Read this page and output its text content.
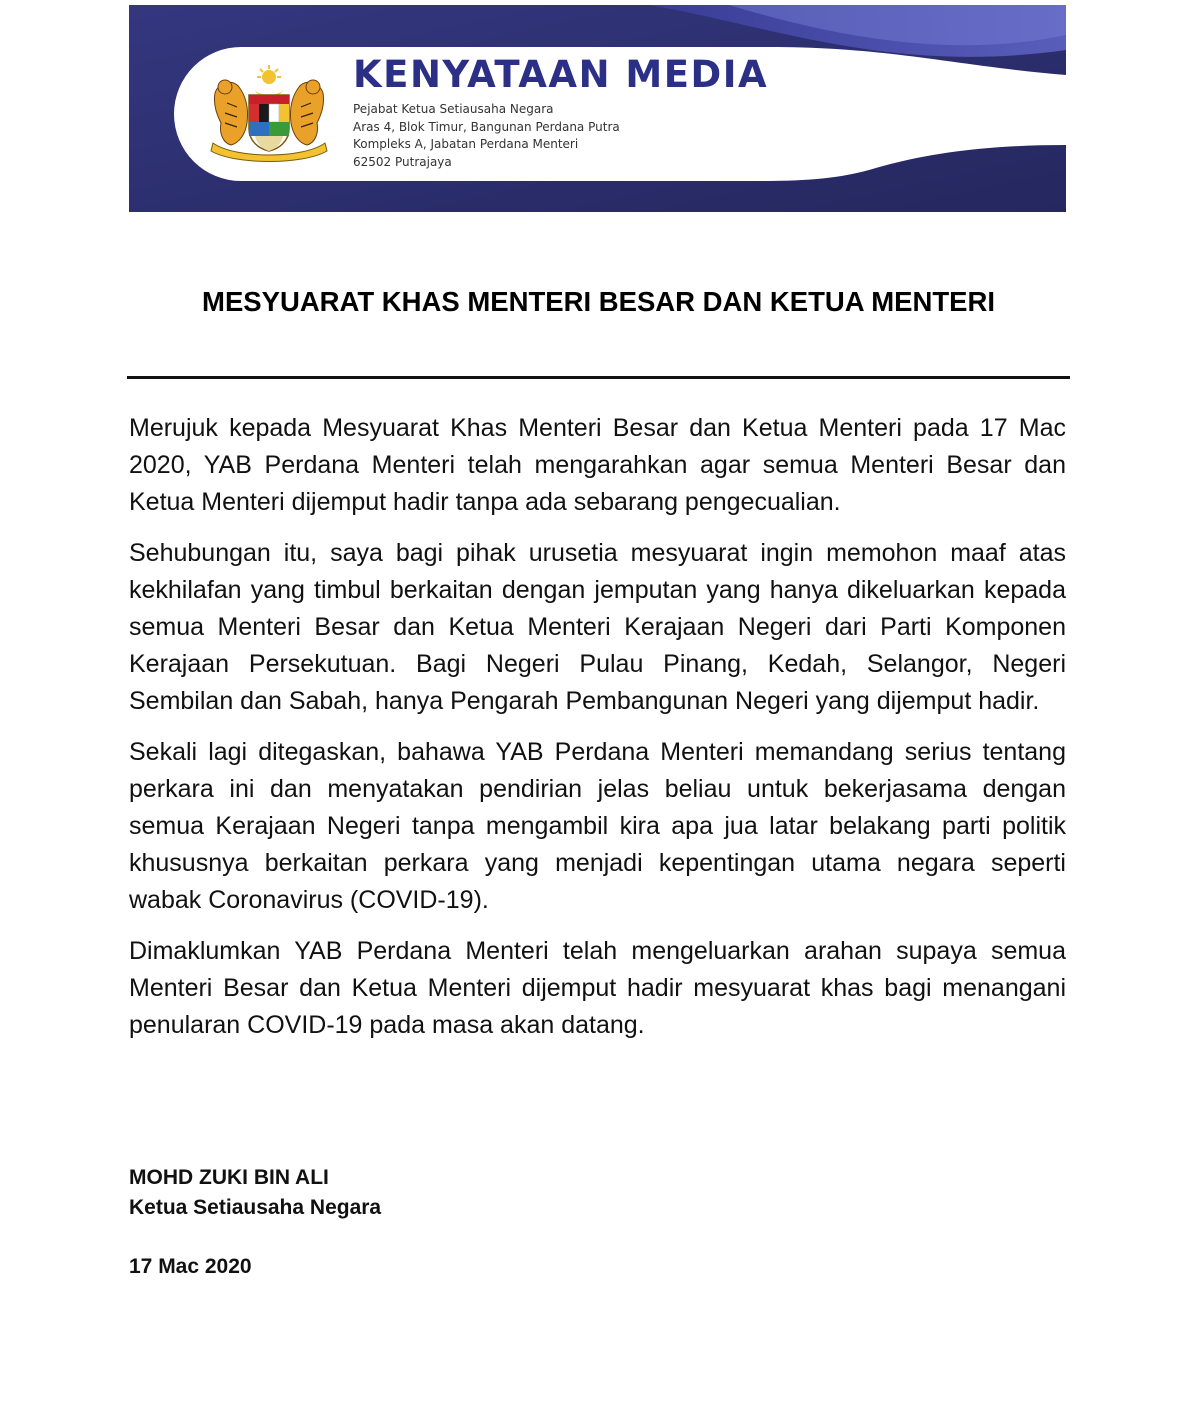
KENYATAAN MEDIA
Pejabat Ketua Setiausaha Negara
Aras 4, Blok Timur, Bangunan Perdana Putra
Kompleks A, Jabatan Perdana Menteri
62502 Putrajaya
MESYUARAT KHAS MENTERI BESAR DAN KETUA MENTERI

Merujuk kepada Mesyuarat Khas Menteri Besar dan Ketua Menteri pada 17 Mac 2020, YAB Perdana Menteri telah mengarahkan agar semua Menteri Besar dan Ketua Menteri dijemput hadir tanpa ada sebarang pengecualian.

Sehubungan itu, saya bagi pihak urusetia mesyuarat ingin memohon maaf atas kekhilafan yang timbul berkaitan dengan jemputan yang hanya dikeluarkan kepada semua Menteri Besar dan Ketua Menteri Kerajaan Negeri dari Parti Komponen Kerajaan Persekutuan. Bagi Negeri Pulau Pinang, Kedah, Selangor, Negeri Sembilan dan Sabah, hanya Pengarah Pembangunan Negeri yang dijemput hadir.

Sekali lagi ditegaskan, bahawa YAB Perdana Menteri memandang serius tentang perkara ini dan menyatakan pendirian jelas beliau untuk bekerjasama dengan semua Kerajaan Negeri tanpa mengambil kira apa jua latar belakang parti politik khususnya berkaitan perkara yang menjadi kepentingan utama negara seperti wabak Coronavirus (COVID-19).

Dimaklumkan YAB Perdana Menteri telah mengeluarkan arahan supaya semua Menteri Besar dan Ketua Menteri dijemput hadir mesyuarat khas bagi menangani penularan COVID-19 pada masa akan datang.

MOHD ZUKI BIN ALI
Ketua Setiausaha Negara
17 Mac 2020
